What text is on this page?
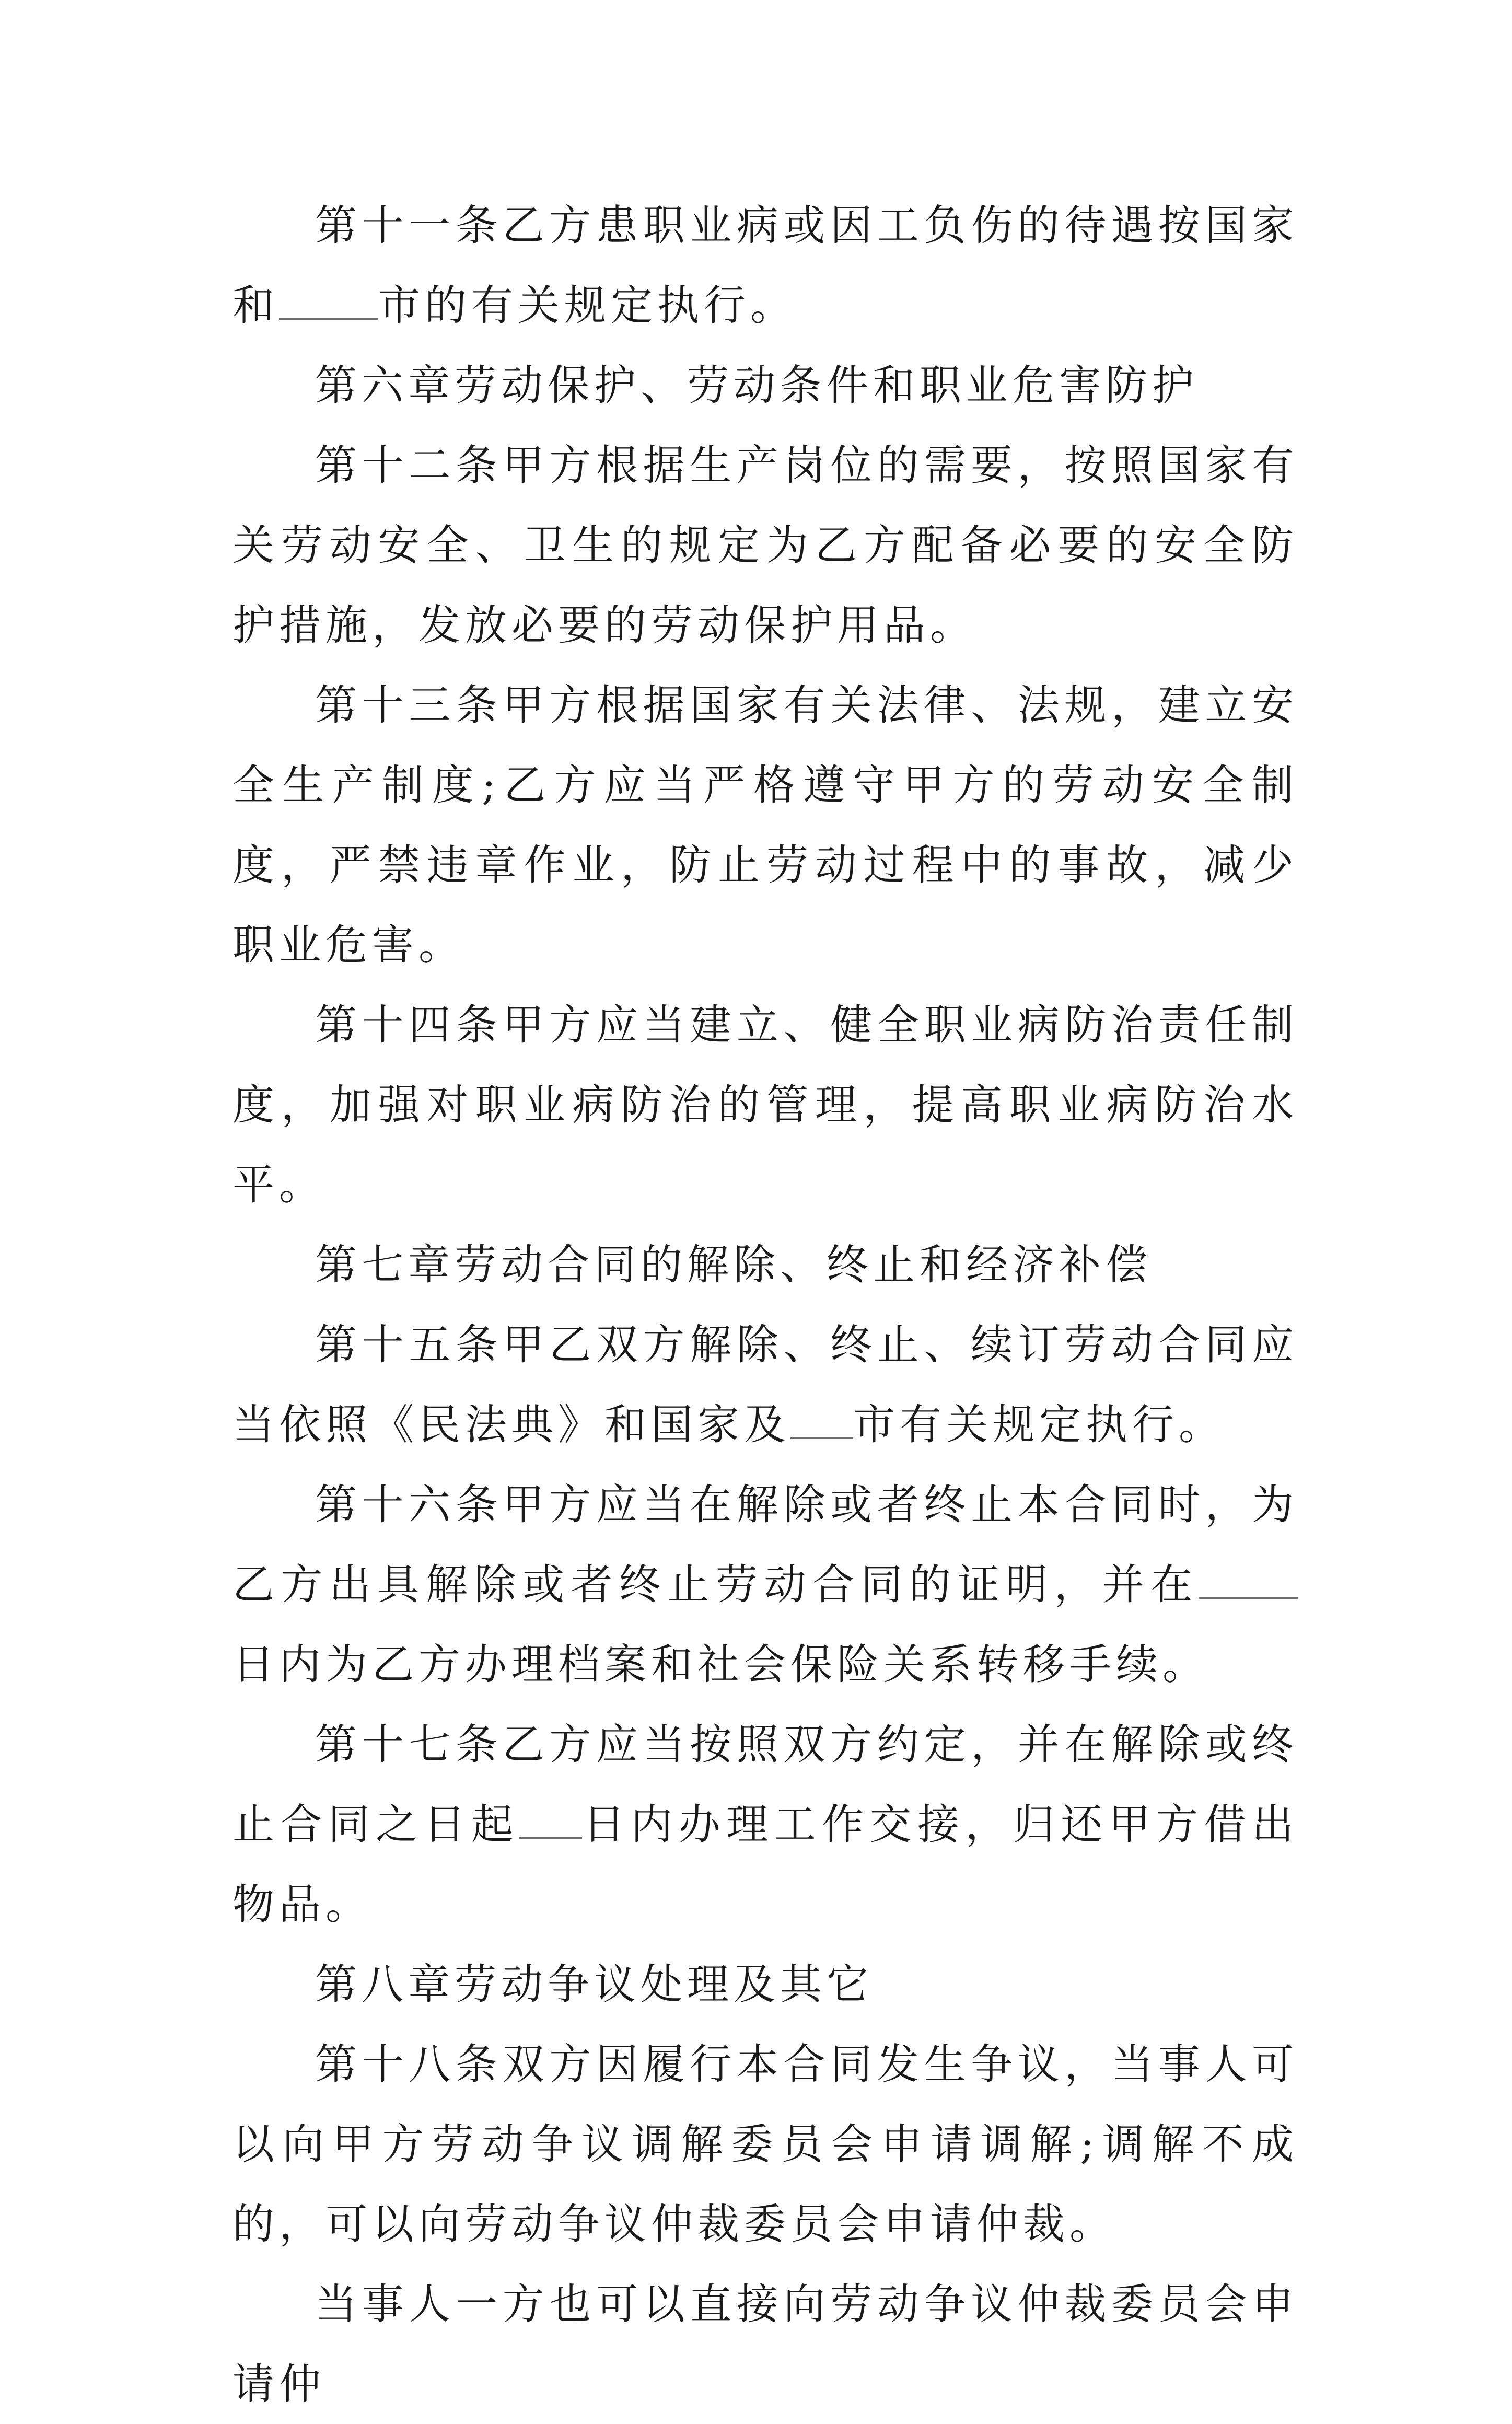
第十一条乙方患职业病或因工负伤的待遇按国家和 市的有关规定执行。

第六章劳动保护、劳动条件和职业危害防护

第十二条甲方根据生产岗位的需要，按照国家有关劳动安全、卫生的规定为乙方配备必要的安全防护措施，发放必要的劳动保护用品。

第十三条甲方根据国家有关法律、法规，建立安全生产制度;乙方应当严格遵守甲方的劳动安全制度，严禁违章作业，防止劳动过程中的事故，减少职业危害。

第十四条甲方应当建立、健全职业病防治责任制度，加强对职业病防治的管理，提高职业病防治水平。

第七章劳动合同的解除、终止和经济补偿

第十五条甲乙双方解除、终止、续订劳动合同应当依照《民法典》和国家及 市有关规定执行。

第十六条甲方应当在解除或者终止本合同时，为乙方出具解除或者终止劳动合同的证明，并在日内为乙方办理档案和社会保险关系转移手续。

第十七条乙方应当按照双方约定，并在解除或终止合同之日起 日内办理工作交接，归还甲方借出物品。

第八章劳动争议处理及其它

第十八条双方因履行本合同发生争议，当事人可以向甲方劳动争议调解委员会申请调解;调解不成的，可以向劳动争议仲裁委员会申请仲裁。

当事人一方也可以直接向劳动争议仲裁委员会申请仲
